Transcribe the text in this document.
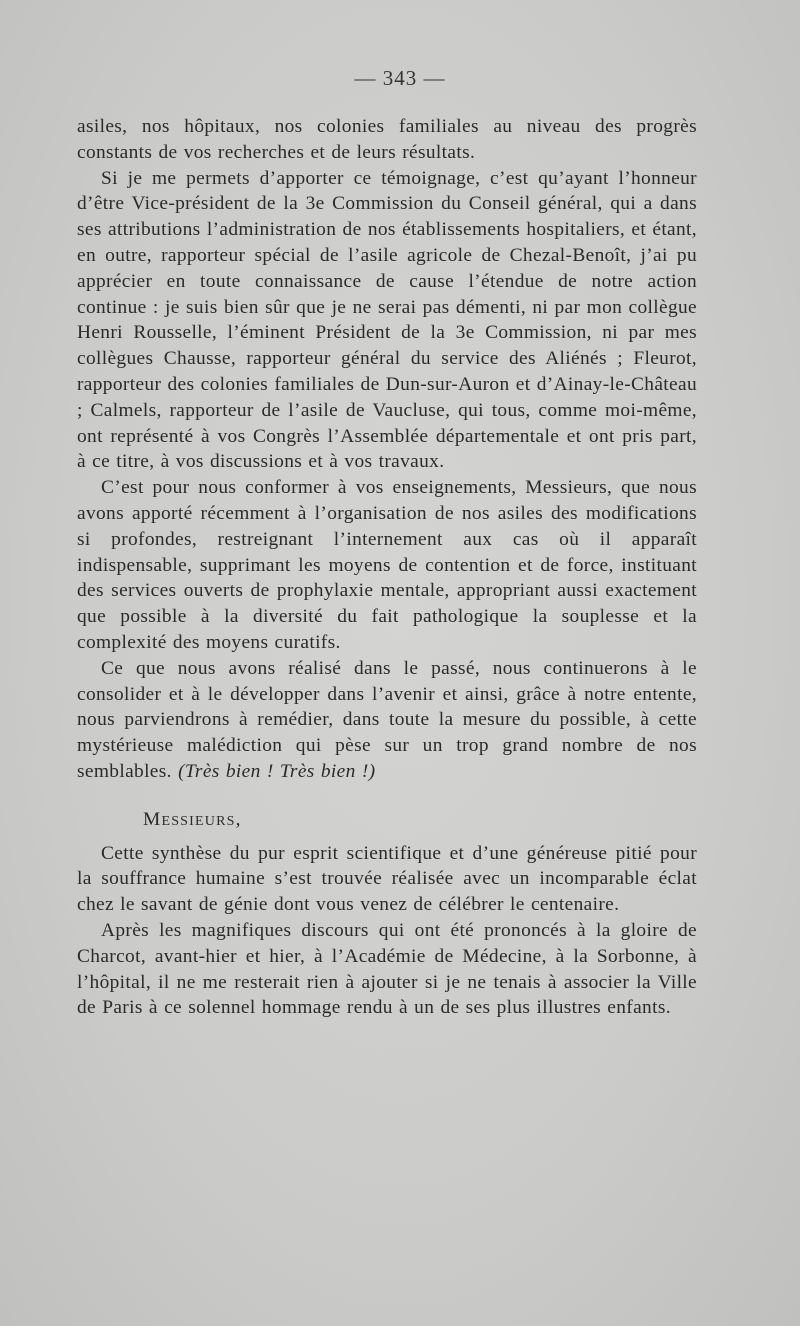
— 343 —

asiles, nos hôpitaux, nos colonies familiales au niveau des progrès constants de vos recherches et de leurs résultats.

Si je me permets d’apporter ce témoignage, c’est qu’ayant l’honneur d’être Vice-président de la 3e Commission du Conseil général, qui a dans ses attributions l’administration de nos établissements hospitaliers, et étant, en outre, rapporteur spécial de l’asile agricole de Chezal-Benoît, j’ai pu apprécier en toute connaissance de cause l’étendue de notre action continue : je suis bien sûr que je ne serai pas démenti, ni par mon collègue Henri Rousselle, l’éminent Président de la 3e Commission, ni par mes collègues Chausse, rapporteur général du service des Aliénés ; Fleurot, rapporteur des colonies familiales de Dun-sur-Auron et d’Ainay-le-Château ; Calmels, rapporteur de l’asile de Vaucluse, qui tous, comme moi-même, ont représenté à vos Congrès l’Assemblée départementale et ont pris part, à ce titre, à vos discussions et à vos travaux.

C’est pour nous conformer à vos enseignements, Messieurs, que nous avons apporté récemment à l’organisation de nos asiles des modifications si profondes, restreignant l’internement aux cas où il apparaît indispensable, supprimant les moyens de contention et de force, instituant des services ouverts de prophylaxie mentale, appropriant aussi exactement que possible à la diversité du fait pathologique la souplesse et la complexité des moyens curatifs.

Ce que nous avons réalisé dans le passé, nous continuerons à le consolider et à le développer dans l’avenir et ainsi, grâce à notre entente, nous parviendrons à remédier, dans toute la mesure du possible, à cette mystérieuse malédiction qui pèse sur un trop grand nombre de nos semblables. (Très bien ! Très bien !)

Messieurs,

Cette synthèse du pur esprit scientifique et d’une généreuse pitié pour la souffrance humaine s’est trouvée réalisée avec un incomparable éclat chez le savant de génie dont vous venez de célébrer le centenaire.

Après les magnifiques discours qui ont été prononcés à la gloire de Charcot, avant-hier et hier, à l’Académie de Médecine, à la Sorbonne, à l’hôpital, il ne me resterait rien à ajouter si je ne tenais à associer la Ville de Paris à ce solennel hommage rendu à un de ses plus illustres enfants.
